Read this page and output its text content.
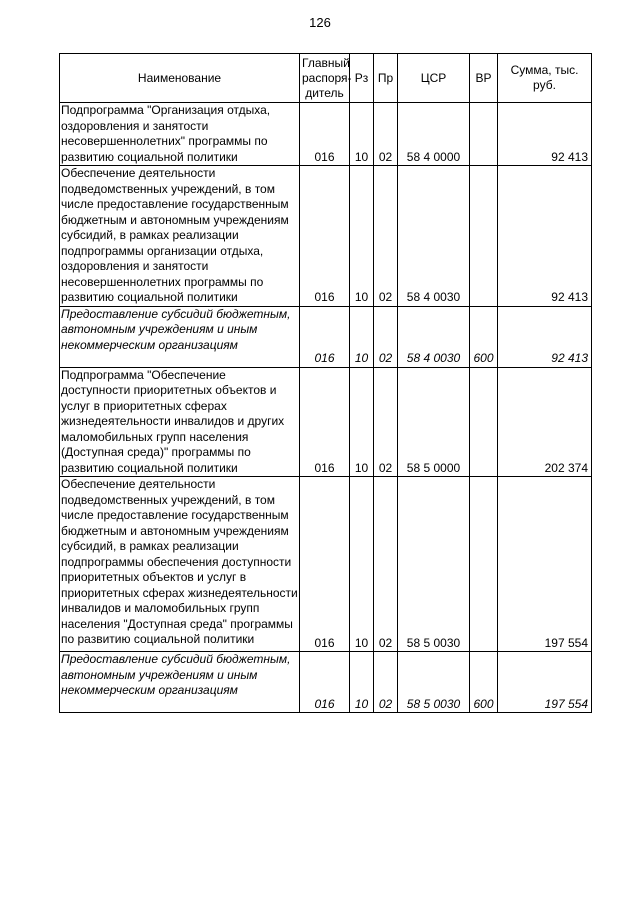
126
Наименование	Главный распоря-дитель	Рз	Пр	ЦСР	ВР	Сумма, тыс. руб.
Подпрограмма "Организация отдыха, оздоровления и занятости несовершеннолетних" программы по развитию социальной политики	016	10	02	58 4 0000		92 413
Обеспечение деятельности подведомственных учреждений, в том числе предоставление государственным бюджетным и автономным учреждениям субсидий, в рамках реализации подпрограммы организации отдыха, оздоровления и занятости несовершеннолетних программы по развитию социальной политики	016	10	02	58 4 0030		92 413
Предоставление субсидий бюджетным, автономным учреждениям и иным некоммерческим организациям	016	10	02	58 4 0030	600	92 413
Подпрограмма "Обеспечение доступности приоритетных объектов и услуг в приоритетных сферах жизнедеятельности инвалидов и других маломобильных групп населения (Доступная среда)" программы по развитию социальной политики	016	10	02	58 5 0000		202 374
Обеспечение деятельности подведомственных учреждений, в том числе предоставление государственным бюджетным и автономным учреждениям субсидий, в рамках реализации подпрограммы обеспечения доступности приоритетных объектов и услуг в приоритетных сферах жизнедеятельности инвалидов и маломобильных групп населения "Доступная среда" программы по развитию социальной политики	016	10	02	58 5 0030		197 554
Предоставление субсидий бюджетным, автономным учреждениям и иным некоммерческим организациям	016	10	02	58 5 0030	600	197 554
